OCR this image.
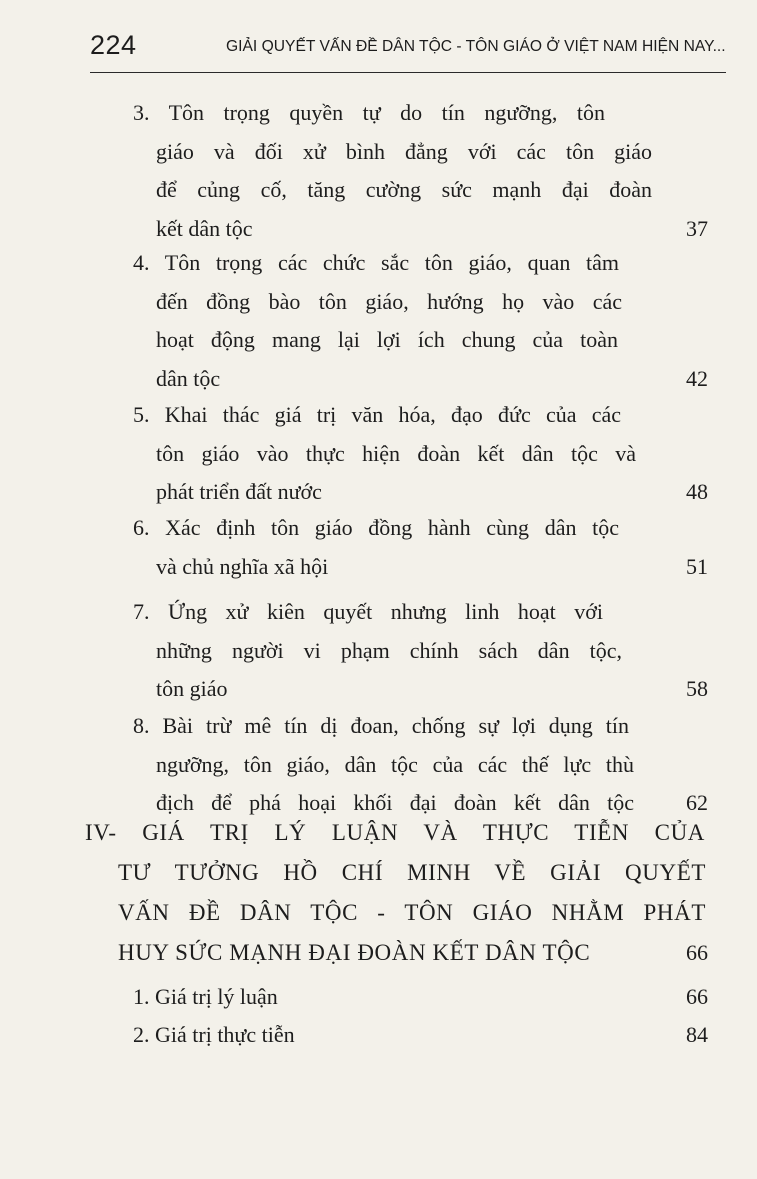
224	GIẢI QUYẾT VẤN ĐỀ DÂN TỘC - TÔN GIÁO Ở VIỆT NAM HIỆN NAY...
3. Tôn trọng quyền tự do tín ngưỡng, tôn
giáo và đối xử bình đẳng với các tôn giáo
để củng cố, tăng cường sức mạnh đại đoàn
kết dân tộc	37
4. Tôn trọng các chức sắc tôn giáo, quan tâm
đến đồng bào tôn giáo, hướng họ vào các
hoạt động mang lại lợi ích chung của toàn
dân tộc	42
5. Khai thác giá trị văn hóa, đạo đức của các
tôn giáo vào thực hiện đoàn kết dân tộc và
phát triển đất nước	48
6. Xác định tôn giáo đồng hành cùng dân tộc
và chủ nghĩa xã hội	51
7. Ứng xử kiên quyết nhưng linh hoạt với
những người vi phạm chính sách dân tộc,
tôn giáo	58
8. Bài trừ mê tín dị đoan, chống sự lợi dụng tín
ngưỡng, tôn giáo, dân tộc của các thế lực thù
địch để phá hoại khối đại đoàn kết dân tộc 62
IV- GIÁ TRỊ LÝ LUẬN VÀ THỰC TIỄN CỦA
TƯ TƯỞNG HỒ CHÍ MINH VỀ GIẢI QUYẾT
VẤN ĐỀ DÂN TỘC - TÔN GIÁO NHẰM PHÁT
HUY SỨC MẠNH ĐẠI ĐOÀN KẾT DÂN TỘC	66
1. Giá trị lý luận	66
2. Giá trị thực tiễn	84
